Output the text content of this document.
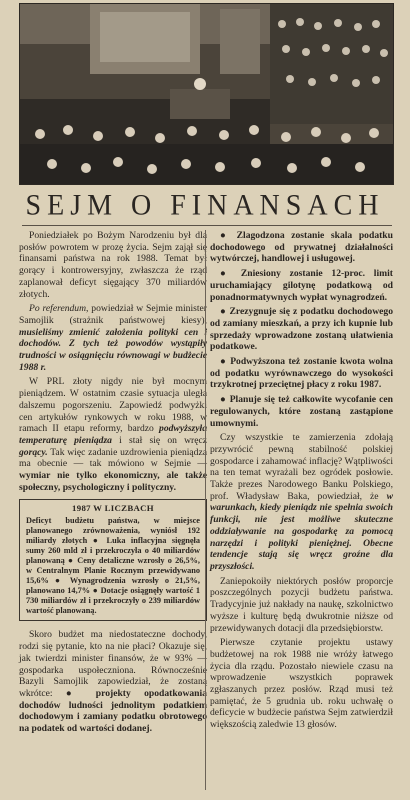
SEJM O FINANSACH

Poniedziałek po Bożym Narodzeniu był dla posłów powrotem w prozę życia. Sejm zajął się finansami państwa na rok 1988. Temat był gorący i kontrowersyjny, zwłaszcza że rząd zaplanował deficyt sięgający 370 miliardów złotych.

Po referendum, powiedział w Sejmie minister Samojlik (strażnik państwowej kiesy), musieliśmy zmienić założenia polityki cen i dochodów. Z tych też powodów wystąpiły trudności w osiągnięciu równowagi w budżecie 1988 r.

W PRL złoty nigdy nie był mocnym pieniądzem. W ostatnim czasie sytuacja uległa dalszemu pogorszeniu. Zapowiedź podwyżki cen artykułów rynkowych w roku 1988, w ramach II etapu reformy, bardzo podwyższyła temperaturę pieniądza i stał się on wręcz gorący. Tak więc zadanie uzdrowienia pieniądza ma obecnie — tak mówiono w Sejmie — wymiar nie tylko ekonomiczny, ale także społeczny, psychologiczny i polityczny.

1987 W LICZBACH
Deficyt budżetu państwa, w miejsce planowanego zrównoważenia, wyniósł 192 miliardy złotych ● Luka inflacyjna sięgnęła sumy 260 mld zł i przekroczyła o 40 miliardów planowaną ● Ceny detaliczne wzrosły o 26,5%, w Centralnym Planie Rocznym przewidywano 15,6% ● Wynagrodzenia wzrosły o 21,5%, planowano 14,7% ● Dotacje osiągnęły wartość 1 730 miliardów zł i przekroczyły o 239 miliardów wartość planowaną.

Skoro budżet ma niedostateczne dochody, rodzi się pytanie, kto na nie płaci? Okazuje się, jak twierdzi minister finansów, że w 93% — gospodarka uspołeczniona. Równocześnie Bazyli Samojlik zapowiedział, że zostaną wkrótce: ●	projekty opodatkowania dochodów ludności jednolitym podatkiem dochodowym i zamiany podatku obrotowego na podatek od wartości dodanej.

● Zlagodzona zostanie skala podatku dochodowego od prywatnej działalności wytwórczej, handlowej i usługowej.

● Zniesiony zostanie 12-proc. limit uruchamiający gilotynę podatkową od ponadnormatywnych wypłat wynagrodzeń.

● Zrezygnuje się z podatku dochodowego od zamiany mieszkań, a przy ich kupnie lub sprzedaży wprowadzone zostaną ułatwienia podatkowe.

● Podwyższona też zostanie kwota wolna od podatku wyrównawczego do wysokości trzykrotnej przeciętnej płacy z roku 1987.

● Planuje się też całkowite wycofanie cen regulowanych, które zostaną zastąpione umownymi.

Czy wszystkie te zamierzenia zdołają przywrócić pewną stabilność polskiej gospodarce i zahamować inflację? Wątpliwości na ten temat wyrażali bez ogródek posłowie. Także prezes Narodowego Banku Polskiego, prof. Władysław Baka, powiedział, że w warunkach, kiedy pieniądz nie spełnia swoich funkcji, nie jest możliwe skuteczne oddziaływanie na gospodarkę za pomocą narzędzi i polityki pieniężnej. Obecne tendencje stają się wręcz groźne dla przyszłości.

Zaniepokoiły niektórych posłów proporcje poszczególnych pozycji budżetu państwa. Tradycyjnie już nakłady na naukę, szkolnictwo wyższe i kulturę będą dwukrotnie niższe od przewidywanych dotacji dla przedsiębiorstw.

Pierwsze czytanie projektu ustawy budżetowej na rok 1988 nie wróży łatwego życia dla rządu. Pozostało niewiele czasu na wprowadzenie wszystkich poprawek zgłaszanych przez posłów. Rząd musi też pamiętać, że 5 grudnia ub. roku uchwałę o deficycie w budżecie państwa Sejm zatwierdził większością zaledwie 13 głosów.
